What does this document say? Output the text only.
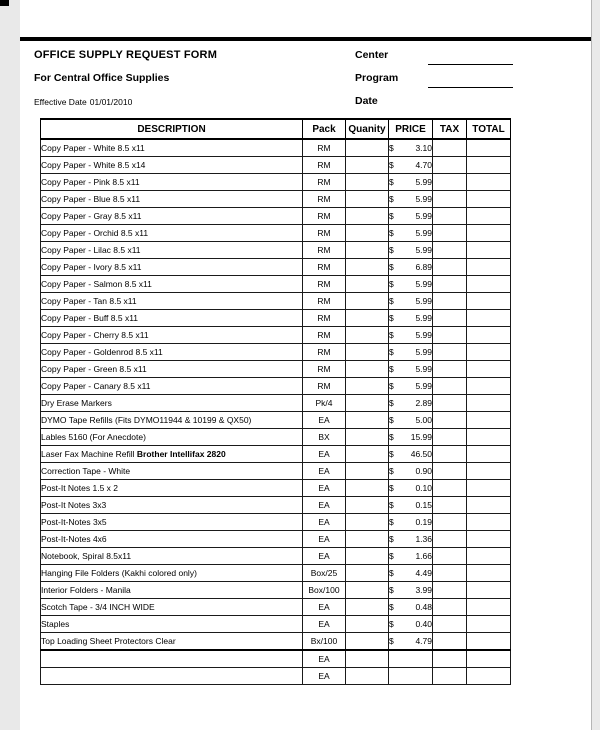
OFFICE SUPPLY REQUEST FORM	Center
For Central Office Supplies	Program
Effective Date 01/01/2010	Date
DESCRIPTION	Pack	Quanity	PRICE	TAX	TOTAL
Copy Paper - White 8.5 x11	RM		$ 3.10		

Copy Paper - White 8.5 x14	RM		$ 4.70		

Copy Paper - Pink 8.5 x11	RM		$ 5.99		

Copy Paper - Blue 8.5 x11	RM		$ 5.99		

Copy Paper - Gray 8.5 x11	RM		$ 5.99		

Copy Paper - Orchid 8.5 x11	RM		$ 5.99		

Copy Paper - Lilac 8.5 x11	RM		$ 5.99		

Copy Paper - Ivory 8.5 x11	RM		$ 6.89		

Copy Paper - Salmon 8.5 x11	RM		$ 5.99		

Copy Paper - Tan 8.5 x11	RM		$ 5.99		

Copy Paper - Buff 8.5 x11	RM		$ 5.99		

Copy Paper - Cherry 8.5 x11	RM		$ 5.99		

Copy Paper - Goldenrod 8.5 x11	RM		$ 5.99		

Copy Paper - Green 8.5 x11	RM		$ 5.99		

Copy Paper - Canary 8.5 x11	RM		$ 5.99		

Dry Erase Markers	Pk/4		$ 2.89		

DYMO Tape Refills (Fits DYMO11944 & 10199 & QX50)	EA		$ 5.00		

Lables 5160 (For Anecdote)	BX		$ 15.99		

Laser Fax Machine Refill Brother Intellifax 2820	EA		$ 46.50		

Correction Tape - White	EA		$ 0.90		

Post-It Notes 1.5 x 2	EA		$ 0.10		

Post-It Notes 3x3	EA		$ 0.15		

Post-It-Notes 3x5	EA		$ 0.19		

Post-It-Notes 4x6	EA		$ 1.36		

Notebook, Spiral 8.5x11	EA		$ 1.66		

Hanging File Folders (Kakhi colored only)	Box/25		$ 4.49		

Interior Folders - Manila	Box/100		$ 3.99		

Scotch Tape - 3/4 INCH WIDE	EA		$ 0.48		

Staples	EA		$ 0.40		

Top Loading Sheet Protectors Clear	Bx/100		$ 4.79		

	EA				
	EA				
